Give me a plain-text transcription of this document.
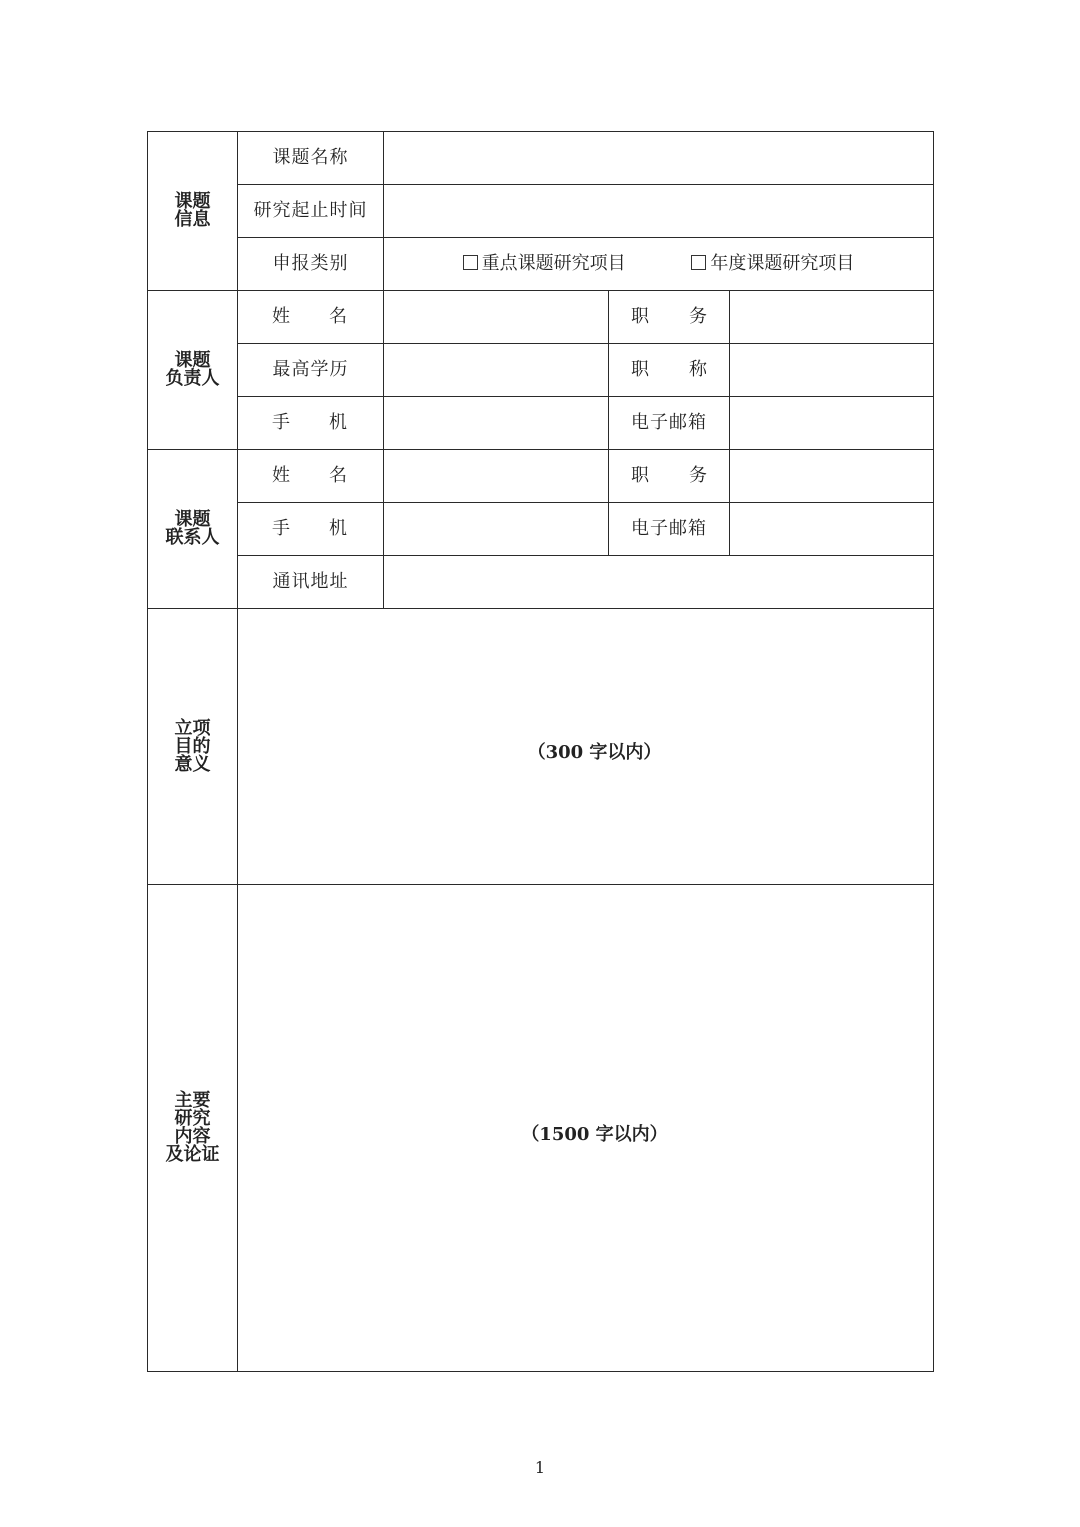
课题
信息	课题名称			
	研究起止时间			
	申报类别	重点课题研究项目 年度课题研究项目		

课题
负责人	姓 名		职 务	

	最高学历		职 称	

	手 机		电子邮箱	

课题
联系人	姓 名		职 务	

	手 机		电子邮箱	
	通讯地址			

立项
目的
意义	（300 字以内）			

主要
研究
内容
及论证	（1500 字以内）			
1
